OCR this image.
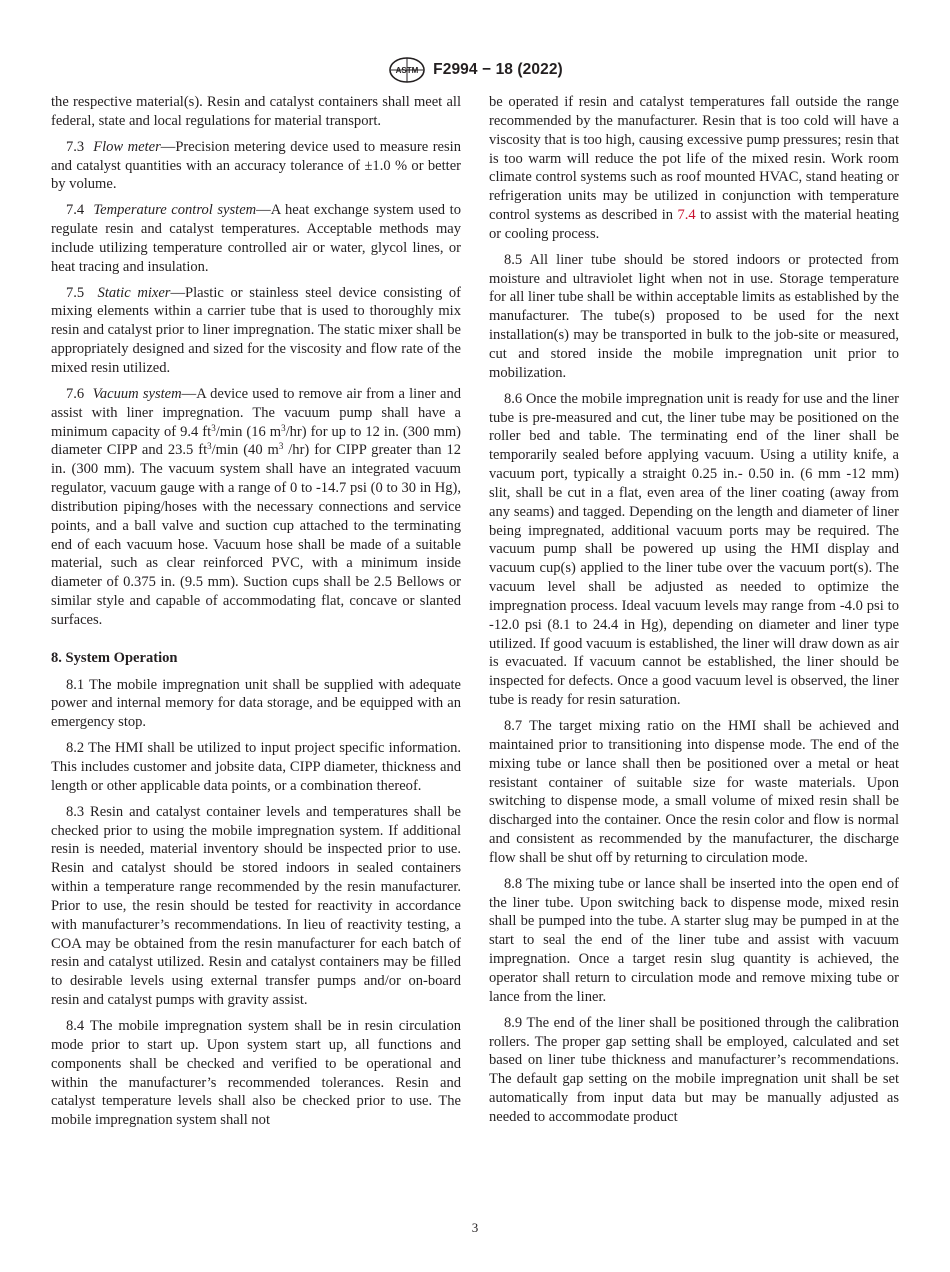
ASTM F2994 − 18 (2022)

the respective material(s). Resin and catalyst containers shall meet all federal, state and local regulations for material transport.

7.3 Flow meter—Precision metering device used to measure resin and catalyst quantities with an accuracy tolerance of ±1.0 % or better by volume.

7.4 Temperature control system—A heat exchange system used to regulate resin and catalyst temperatures. Acceptable methods may include utilizing temperature controlled air or water, glycol lines, or heat tracing and insulation.

7.5 Static mixer—Plastic or stainless steel device consisting of mixing elements within a carrier tube that is used to thoroughly mix resin and catalyst prior to liner impregnation. The static mixer shall be appropriately designed and sized for the viscosity and flow rate of the mixed resin utilized.

7.6 Vacuum system—A device used to remove air from a liner and assist with liner impregnation. The vacuum pump shall have a minimum capacity of 9.4 $ft^3/\min$ (16 $m^3/hr$) for up to 12 in. (300 mm) diameter CIPP and 23.5 $ft^3/\min$ (40 $m^3$ /hr) for CIPP greater than 12 in. (300 mm). The vacuum system shall have an integrated vacuum regulator, vacuum gauge with a range of 0 to -14.7 psi (0 to 30 in Hg), distribution piping/hoses with the necessary connections and service points, and a ball valve and suction cup attached to the terminating end of each vacuum hose. Vacuum hose shall be made of a suitable material, such as clear reinforced PVC, with a minimum inside diameter of 0.375 in. (9.5 mm). Suction cups shall be 2.5 Bellows or similar style and capable of accommodating flat, concave or slanted surfaces.

8. System Operation

8.1 The mobile impregnation unit shall be supplied with adequate power and internal memory for data storage, and be equipped with an emergency stop.

8.2 The HMI shall be utilized to input project specific information. This includes customer and jobsite data, CIPP diameter, thickness and length or other applicable data points, or a combination thereof.

8.3 Resin and catalyst container levels and temperatures shall be checked prior to using the mobile impregnation system. If additional resin is needed, material inventory should be inspected prior to use. Resin and catalyst should be stored indoors in sealed containers within a temperature range recommended by the resin manufacturer. Prior to use, the resin should be tested for reactivity in accordance with manufacturer’s recommendations. In lieu of reactivity testing, a COA may be obtained from the resin manufacturer for each batch of resin and catalyst utilized. Resin and catalyst containers may be filled to desirable levels using external transfer pumps and/or on-board resin and catalyst pumps with gravity assist.

8.4 The mobile impregnation system shall be in resin circulation mode prior to start up. Upon system start up, all functions and components shall be checked and verified to be operational and within the manufacturer’s recommended tolerances. Resin and catalyst temperature levels shall also be checked prior to use. The mobile impregnation system shall not

be operated if resin and catalyst temperatures fall outside the range recommended by the manufacturer. Resin that is too cold will have a viscosity that is too high, causing excessive pump pressures; resin that is too warm will reduce the pot life of the mixed resin. Work room climate control systems such as roof mounted HVAC, stand heating or refrigeration units may be utilized in conjunction with temperature control systems as described in 7.4 to assist with the material heating or cooling process.

8.5 All liner tube should be stored indoors or protected from moisture and ultraviolet light when not in use. Storage temperature for all liner tube shall be within acceptable limits as established by the manufacturer. The tube(s) proposed to be used for the next installation(s) may be transported in bulk to the job-site or measured, cut and stored inside the mobile impregnation unit prior to mobilization.

8.6 Once the mobile impregnation unit is ready for use and the liner tube is pre-measured and cut, the liner tube may be positioned on the roller bed and table. The terminating end of the liner shall be temporarily sealed before applying vacuum. Using a utility knife, a vacuum port, typically a straight 0.25 in.- 0.50 in. (6 mm -12 mm) slit, shall be cut in a flat, even area of the liner coating (away from any seams) and tagged. Depending on the length and diameter of liner being impregnated, additional vacuum ports may be required. The vacuum pump shall be powered up using the HMI display and vacuum cup(s) applied to the liner tube over the vacuum port(s). The vacuum level shall be adjusted as needed to optimize the impregnation process. Ideal vacuum levels may range from -4.0 psi to -12.0 psi (8.1 to 24.4 in Hg), depending on diameter and liner type utilized. If good vacuum is established, the liner will draw down as air is evacuated. If vacuum cannot be established, the liner should be inspected for defects. Once a good vacuum level is observed, the liner tube is ready for resin saturation.

8.7 The target mixing ratio on the HMI shall be achieved and maintained prior to transitioning into dispense mode. The end of the mixing tube or lance shall then be positioned over a metal or heat resistant container of suitable size for waste materials. Upon switching to dispense mode, a small volume of mixed resin shall be discharged into the container. Once the resin color and flow is normal and consistent as recommended by the manufacturer, the discharge flow shall be shut off by returning to circulation mode.

8.8 The mixing tube or lance shall be inserted into the open end of the liner tube. Upon switching back to dispense mode, mixed resin shall be pumped into the tube. A starter slug may be pumped in at the start to seal the end of the liner tube and assist with vacuum impregnation. Once a target resin slug quantity is achieved, the operator shall return to circulation mode and remove mixing tube or lance from the liner.

8.9 The end of the liner shall be positioned through the calibration rollers. The proper gap setting shall be employed, calculated and set based on liner tube thickness and manufacturer’s recommendations. The default gap setting on the mobile impregnation unit shall be set automatically from input data but may be manually adjusted as needed to accommodate product

3
